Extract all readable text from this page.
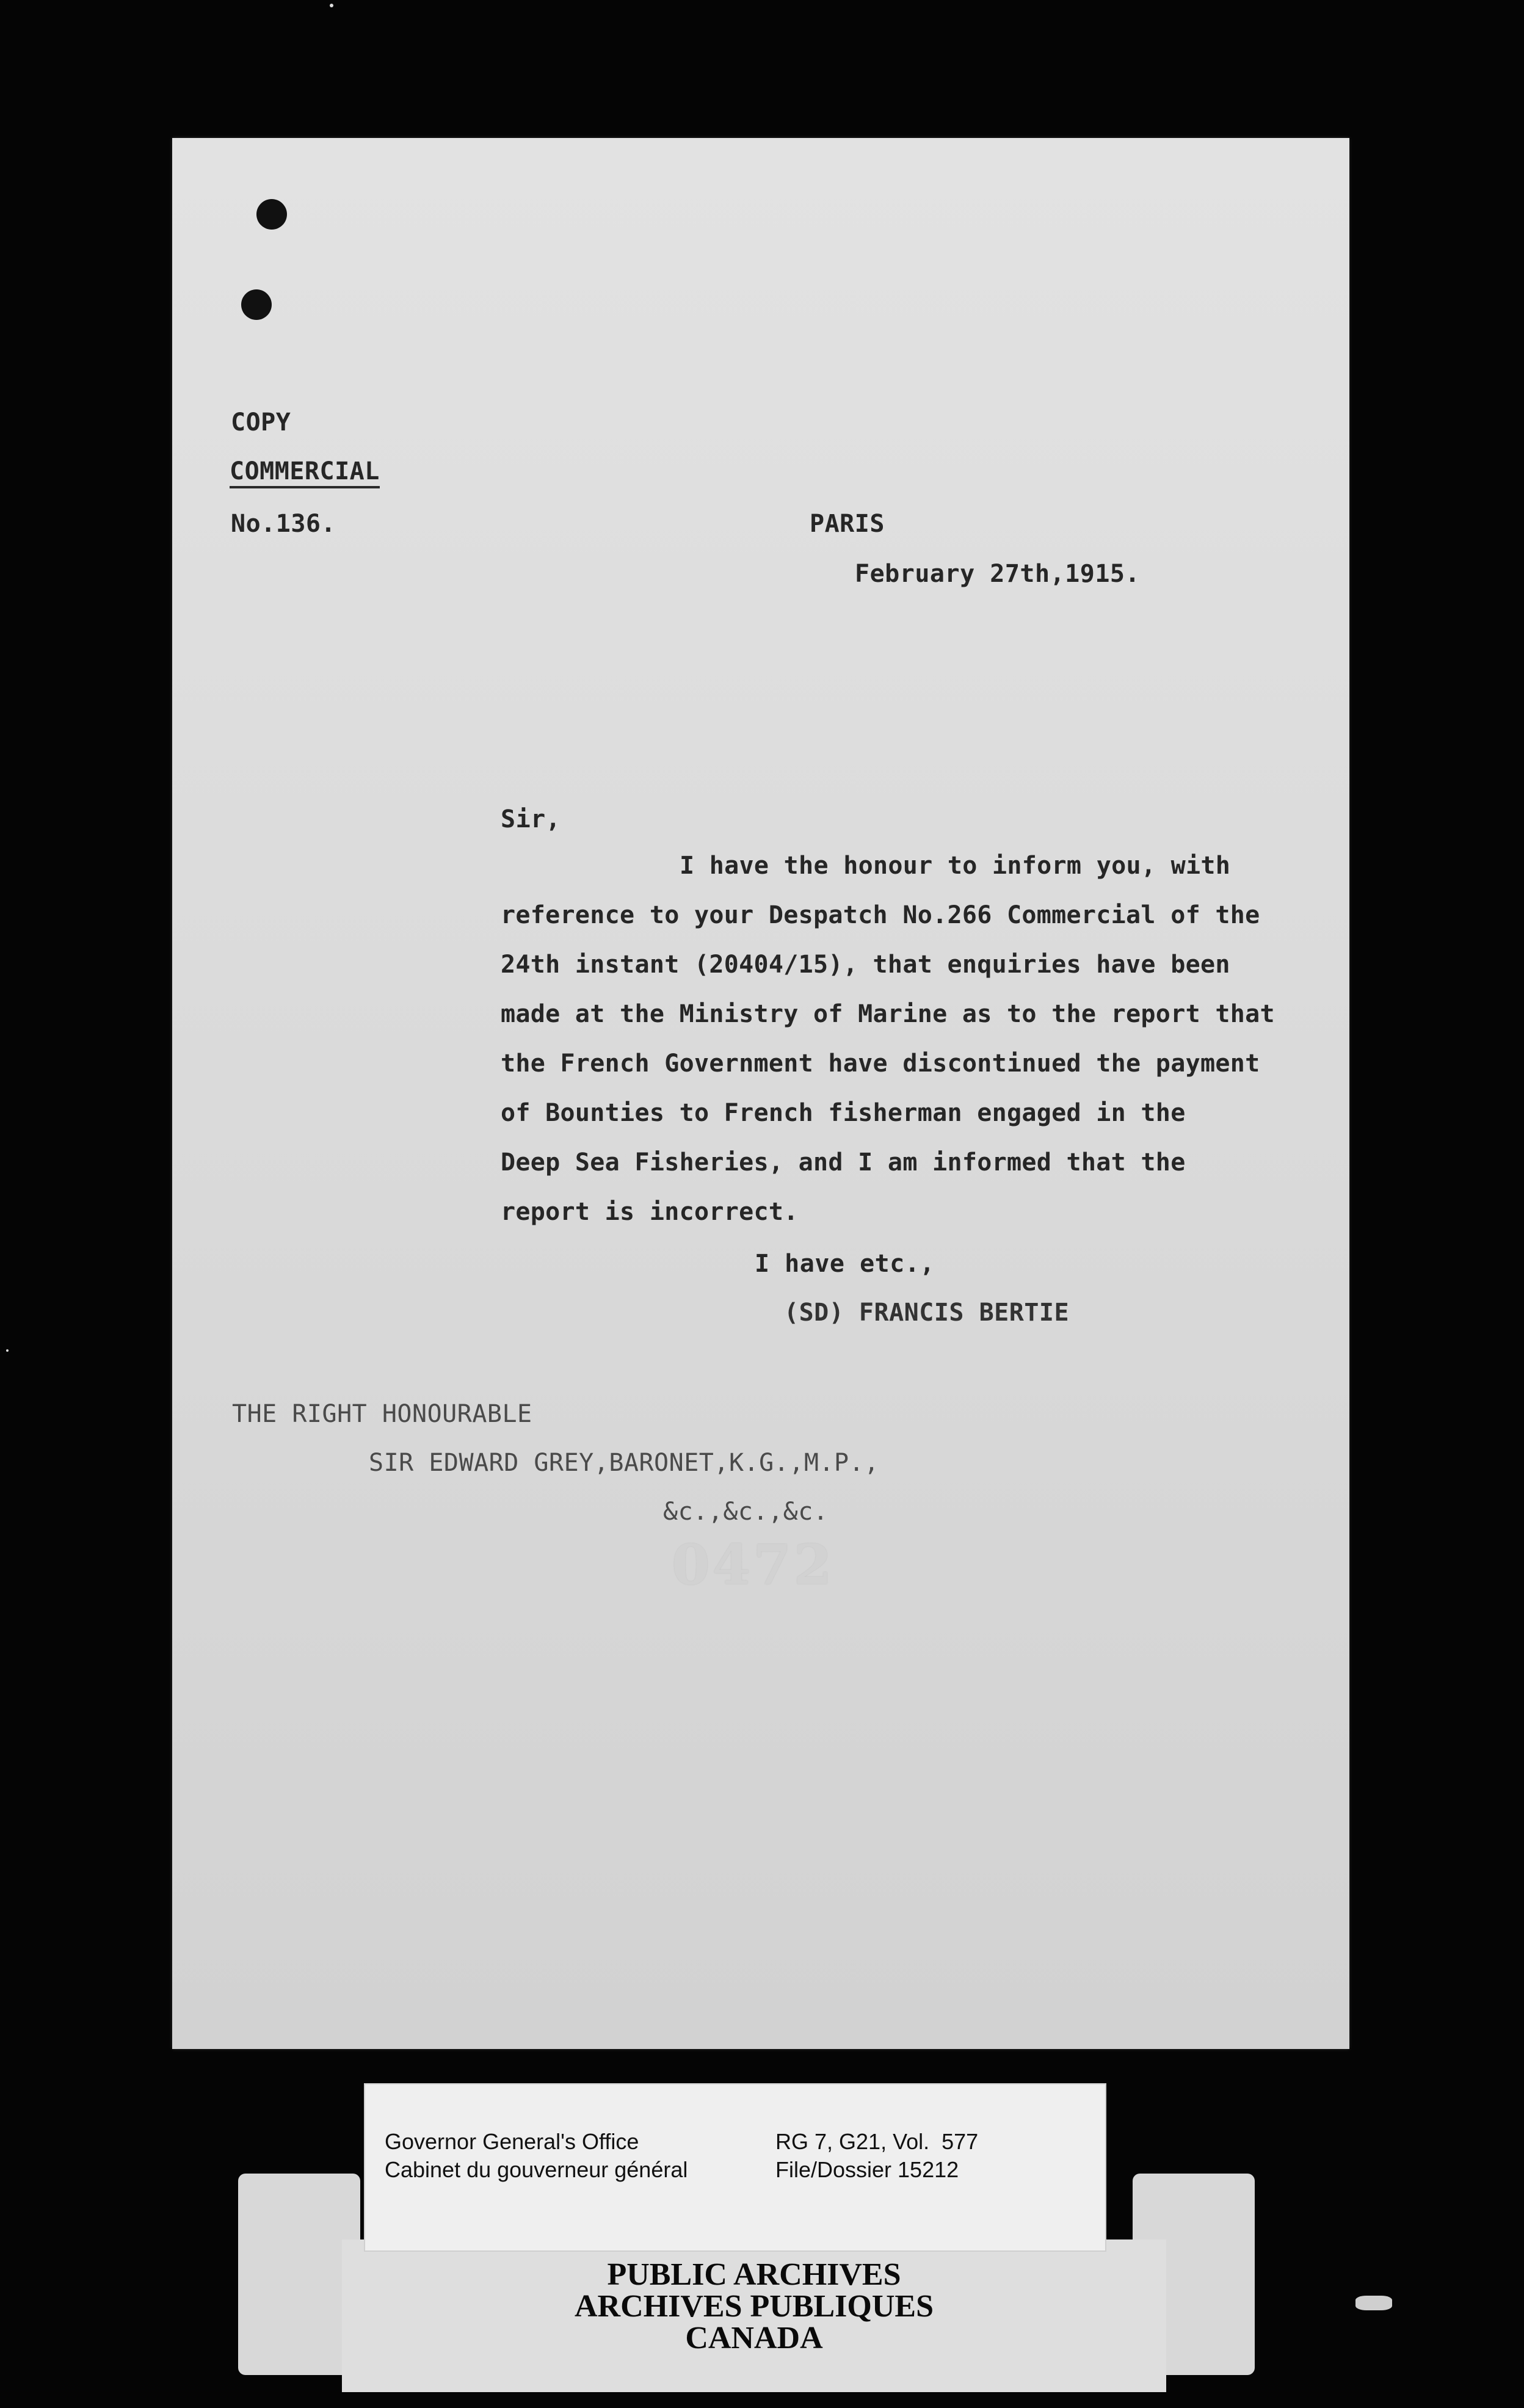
COPY

COMMERCIAL

No.136.	PARIS

February 27th,1915.

Sir,

I have the honour to inform you, with
reference to your Despatch No.266 Commercial of the
24th instant (20404/15), that enquiries have been
made at the Ministry of Marine as to the report that
the French Government have discontinued the payment
of Bounties to French fisherman engaged in the
Deep Sea Fisheries, and I am informed that the
report is incorrect.

I have etc.,

(SD) FRANCIS BERTIE

THE RIGHT HONOURABLE

SIR EDWARD GREY,BARONET,K.G.,M.P.,

&c.,&c.,&c.

0472
Governor General's Office
Cabinet du gouverneur général
RG 7, G21, Vol.  577
File/Dossier 15212
PUBLIC ARCHIVES
ARCHIVES PUBLIQUES
CANADA
